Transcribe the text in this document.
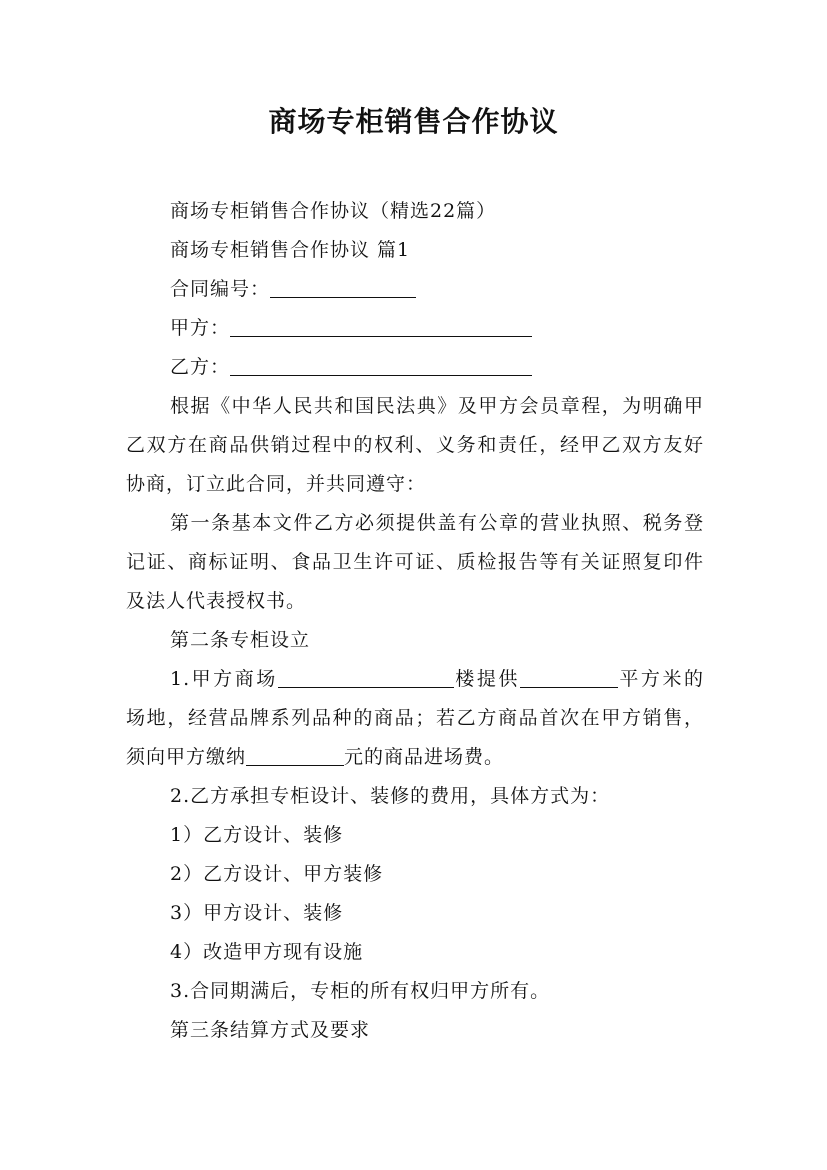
商场专柜销售合作协议

商场专柜销售合作协议（精选22篇）

商场专柜销售合作协议 篇1

合同编号：

甲方：

乙方：

根据《中华人民共和国民法典》及甲方会员章程，为明确甲乙双方在商品供销过程中的权利、义务和责任，经甲乙双方友好协商，订立此合同，并共同遵守：

第一条基本文件乙方必须提供盖有公章的营业执照、税务登记证、商标证明、食品卫生许可证、质检报告等有关证照复印件及法人代表授权书。

第二条专柜设立

1.甲方商场	楼提供	平方米的场地，经营品牌系列品种的商品；若乙方商品首次在甲方销售，须向甲方缴纳	元的商品进场费。

2.乙方承担专柜设计、装修的费用，具体方式为：

1）乙方设计、装修

2）乙方设计、甲方装修

3）甲方设计、装修

4）改造甲方现有设施

3.合同期满后，专柜的所有权归甲方所有。

第三条结算方式及要求
